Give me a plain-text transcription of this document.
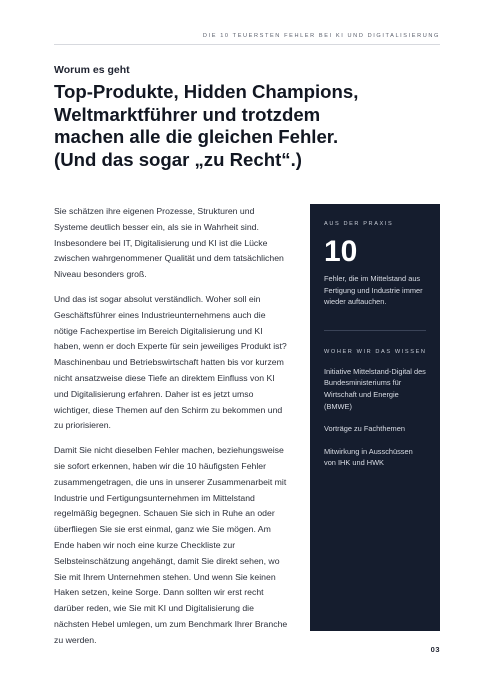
DIE 10 TEUERSTEN FEHLER BEI KI UND DIGITALISIERUNG
Worum es geht
Top-Produkte, Hidden Champions, Weltmarktführer und trotzdem machen alle die gleichen Fehler. (Und das sogar „zu Recht“.)

Sie schätzen ihre eigenen Prozesse, Strukturen und Systeme deutlich besser ein, als sie in Wahrheit sind. Insbesondere bei IT, Digitalisierung und KI ist die Lücke zwischen wahrgenommener Qualität und dem tatsächlichen Niveau besonders groß.

Und das ist sogar absolut verständlich. Woher soll ein Geschäftsführer eines Industrieunternehmens auch die nötige Fachexpertise im Bereich Digitalisierung und KI haben, wenn er doch Experte für sein jeweiliges Produkt ist? Maschinenbau und Betriebswirtschaft hatten bis vor kurzem nicht ansatzweise diese Tiefe an direktem Einfluss von KI und Digitalisierung erfahren. Daher ist es jetzt umso wichtiger, diese Themen auf den Schirm zu bekommen und zu priorisieren.

Damit Sie nicht dieselben Fehler machen, beziehungsweise sie sofort erkennen, haben wir die 10 häufigsten Fehler zusammengetragen, die uns in unserer Zusammenarbeit mit Industrie und Fertigungsunternehmen im Mittelstand regelmäßig begegnen. Schauen Sie sich in Ruhe an oder überfliegen Sie sie erst einmal, ganz wie Sie mögen. Am Ende haben wir noch eine kurze Checkliste zur Selbsteinschätzung angehängt, damit Sie direkt sehen, wo Sie mit Ihrem Unternehmen stehen. Und wenn Sie keinen Haken setzen, keine Sorge. Dann sollten wir erst recht darüber reden, wie Sie mit KI und Digitalisierung die nächsten Hebel umlegen, um zum Benchmark Ihrer Branche zu werden.

AUS DER PRAXIS
10
Fehler, die im Mittelstand aus Fertigung und Industrie immer wieder auftauchen.
WOHER WIR DAS WISSEN
Initiative Mittelstand-Digital des Bundesministeriums für Wirtschaft und Energie (BMWE)
Vorträge zu Fachthemen
Mitwirkung in Ausschüssen von IHK und HWK
03
